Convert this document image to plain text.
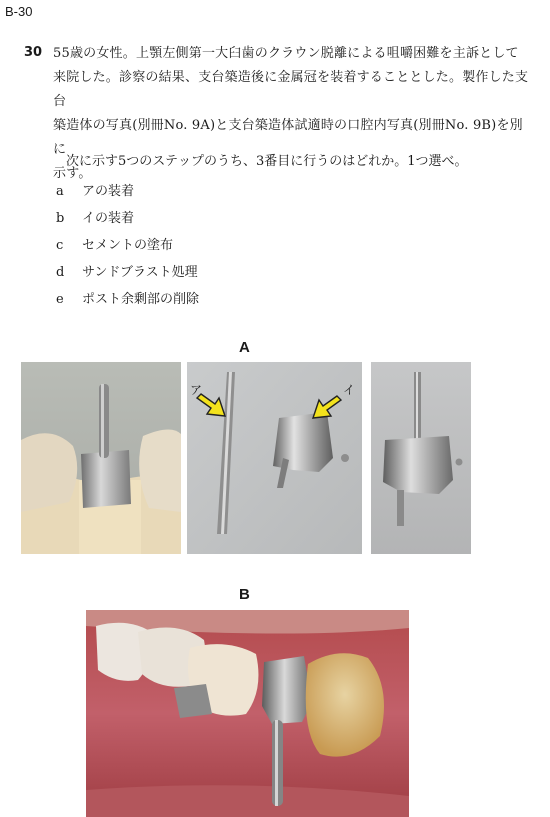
B-30
30 55歳の女性。上顎左側第一大臼歯のクラウン脱離による咀嚼困難を主訴として
来院した。診察の結果、支台築造後に金属冠を装着することとした。製作した支台
築造体の写真(別冊No. 9A)と支台築造体試適時の口腔内写真(別冊No. 9B)を別に
示す。
次に示す5つのステップのうち、3番目に行うのはどれか。1つ選べ。
a アの装着
b イの装着
c セメントの塗布
d サンドブラスト処理
e ポスト余剰部の削除
A
ア	イ
B
